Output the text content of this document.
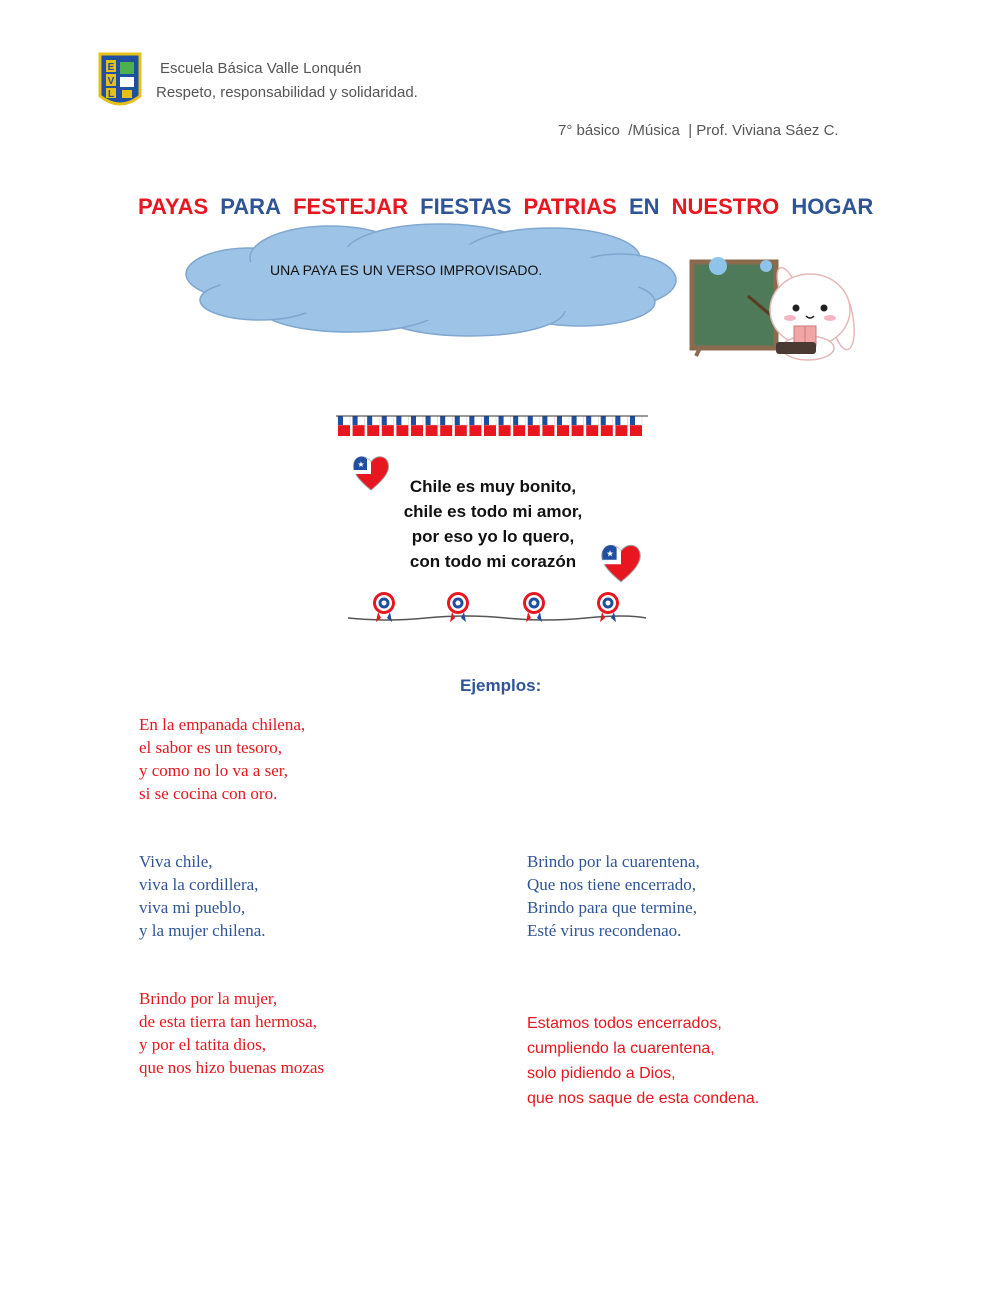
E
V
L
Escuela Básica Valle Lonquén
Respeto, responsabilidad y solidaridad.
7° básico  /Música  | Prof. Viviana Sáez C.
PAYAS PARA FESTEJAR FIESTAS PATRIAS EN NUESTRO HOGAR
UNA PAYA ES UN VERSO IMPROVISADO.
★
★
Chile es muy bonito,
chile es todo mi amor,
por eso yo lo quero,
con todo mi corazón
Ejemplos:
En la empanada chilena,
el sabor es un tesoro,
y como no lo va a ser,
si se cocina con oro.
Viva chile,
viva la cordillera,
viva mi pueblo,
y la mujer chilena.
Brindo por la cuarentena,
Que nos tiene encerrado,
Brindo para que termine,
Esté virus recondenao.
Brindo por la mujer,
de esta tierra tan hermosa,
y por el tatita dios,
que nos hizo buenas mozas
Estamos todos encerrados,
cumpliendo la cuarentena,
solo pidiendo a Dios,
que nos saque de esta condena.
